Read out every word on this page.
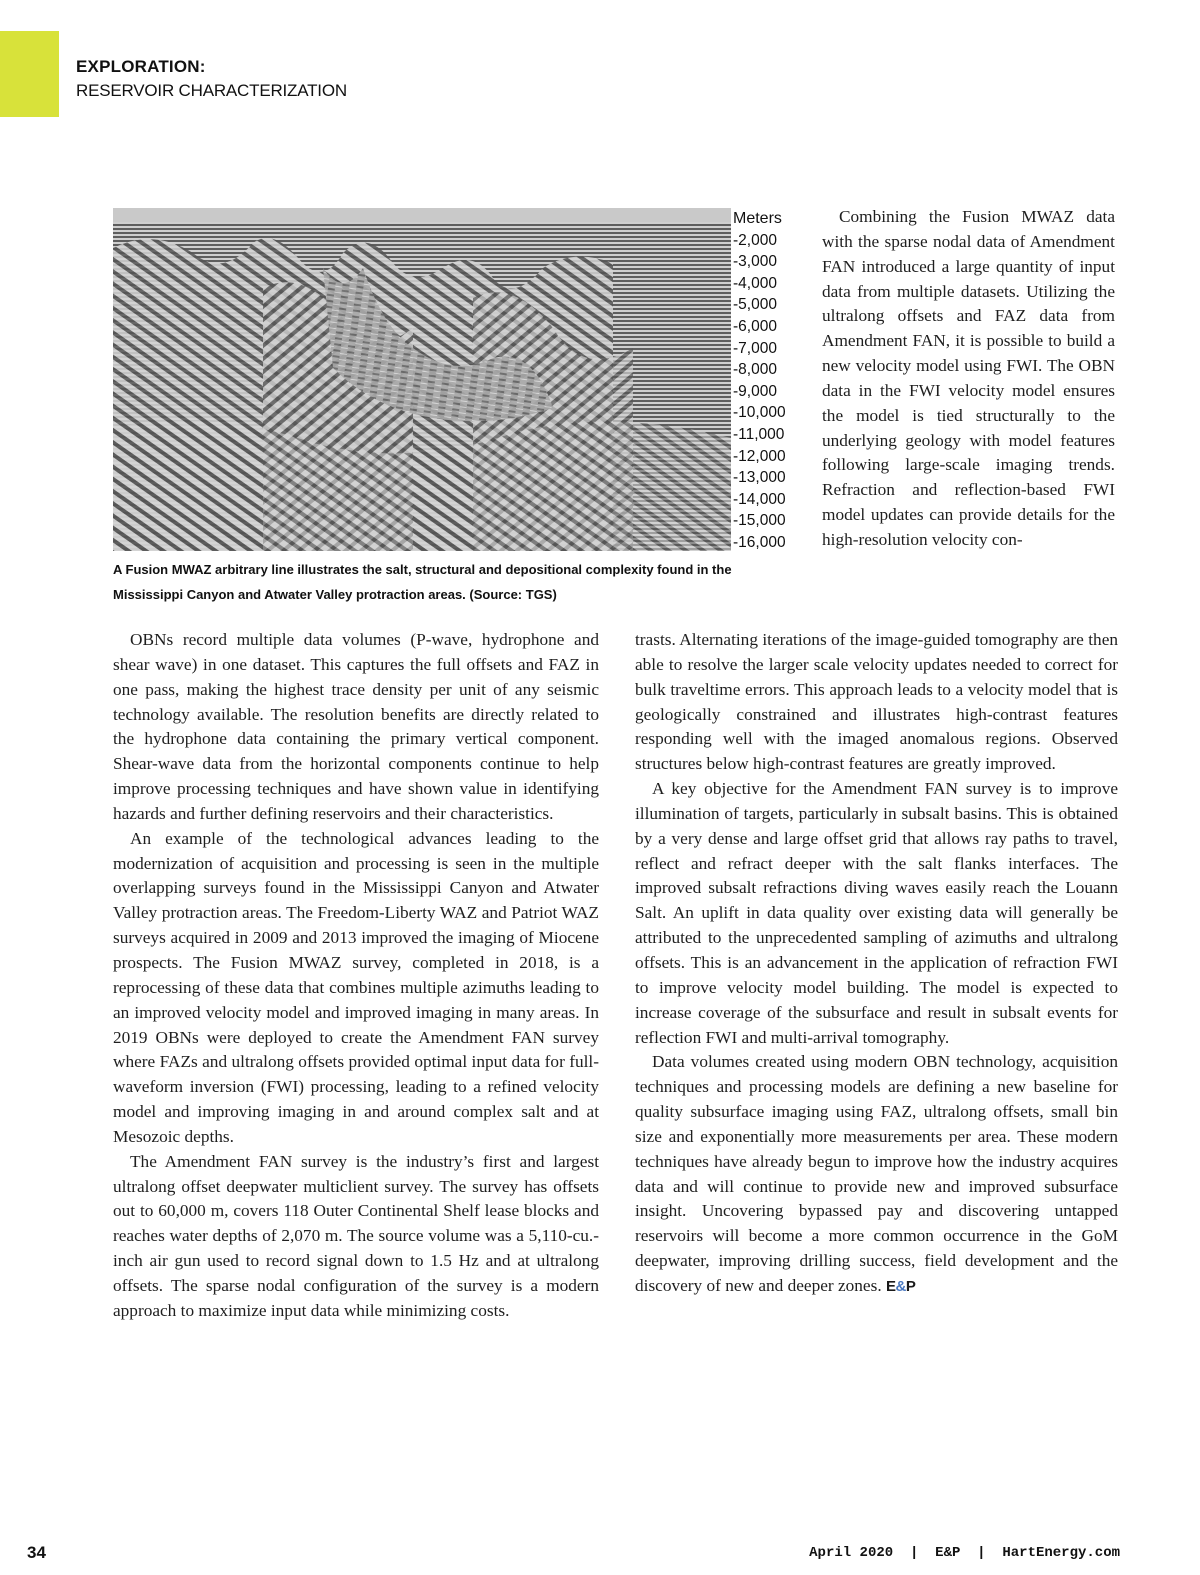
EXPLORATION:
RESERVOIR CHARACTERIZATION
Meters
-2,000
-3,000
-4,000
-5,000
-6,000
-7,000
-8,000
-9,000
-10,000
-11,000
-12,000
-13,000
-14,000
-15,000
-16,000
A Fusion MWAZ arbitrary line illustrates the salt, structural and depositional complexity found in the Mississippi Canyon and Atwater Valley protraction areas. (Source: TGS)

Combining the Fusion MWAZ data with the sparse nodal data of Amendment FAN introduced a large quantity of input data from multiple datasets. Utilizing the ultralong offsets and FAZ data from Amendment FAN, it is possible to build a new velocity model using FWI. The OBN data in the FWI velocity model ensures the model is tied structurally to the underlying geology with model features following large-scale imaging trends. Refraction and reflection-based FWI model updates can provide details for the high-resolution velocity con-

OBNs record multiple data volumes (P-wave, hydrophone and shear wave) in one dataset. This captures the full offsets and FAZ in one pass, making the highest trace density per unit of any seismic technology available. The resolution benefits are directly related to the hydrophone data containing the primary vertical component. Shear-wave data from the horizontal components continue to help improve processing techniques and have shown value in identifying hazards and further defining reservoirs and their characteristics.

An example of the technological advances leading to the modernization of acquisition and processing is seen in the multiple overlapping surveys found in the Mississippi Canyon and Atwater Valley protraction areas. The Freedom-Liberty WAZ and Patriot WAZ surveys acquired in 2009 and 2013 improved the imaging of Miocene prospects. The Fusion MWAZ survey, completed in 2018, is a reprocessing of these data that combines multiple azimuths leading to an improved velocity model and improved imaging in many areas. In 2019 OBNs were deployed to create the Amendment FAN survey where FAZs and ultralong offsets provided optimal input data for full-waveform inversion (FWI) processing, leading to a refined velocity model and improving imaging in and around complex salt and at Mesozoic depths.

The Amendment FAN survey is the industry’s first and largest ultralong offset deepwater multiclient survey. The survey has offsets out to 60,000 m, covers 118 Outer Continental Shelf lease blocks and reaches water depths of 2,070 m. The source volume was a 5,110-cu.-inch air gun used to record signal down to 1.5 Hz and at ultralong offsets. The sparse nodal configuration of the survey is a modern approach to maximize input data while minimizing costs.

trasts. Alternating iterations of the image-guided tomography are then able to resolve the larger scale velocity updates needed to correct for bulk traveltime errors. This approach leads to a velocity model that is geologically constrained and illustrates high-contrast features responding well with the imaged anomalous regions. Observed structures below high-contrast features are greatly improved.

A key objective for the Amendment FAN survey is to improve illumination of targets, particularly in subsalt basins. This is obtained by a very dense and large offset grid that allows ray paths to travel, reflect and refract deeper with the salt flanks interfaces. The improved subsalt refractions diving waves easily reach the Louann Salt. An uplift in data quality over existing data will generally be attributed to the unprecedented sampling of azimuths and ultralong offsets. This is an advancement in the application of refraction FWI to improve velocity model building. The model is expected to increase coverage of the subsurface and result in subsalt events for reflection FWI and multi-arrival tomography.

Data volumes created using modern OBN technology, acquisition techniques and processing models are defining a new baseline for quality subsurface imaging using FAZ, ultralong offsets, small bin size and exponentially more measurements per area. These modern techniques have already begun to improve how the industry acquires data and will continue to provide new and improved subsurface insight. Uncovering bypassed pay and discovering untapped reservoirs will become a more common occurrence in the GoM deepwater, improving drilling success, field development and the discovery of new and deeper zones. E&P

34	April 2020  |  E&P  |  HartEnergy.com
